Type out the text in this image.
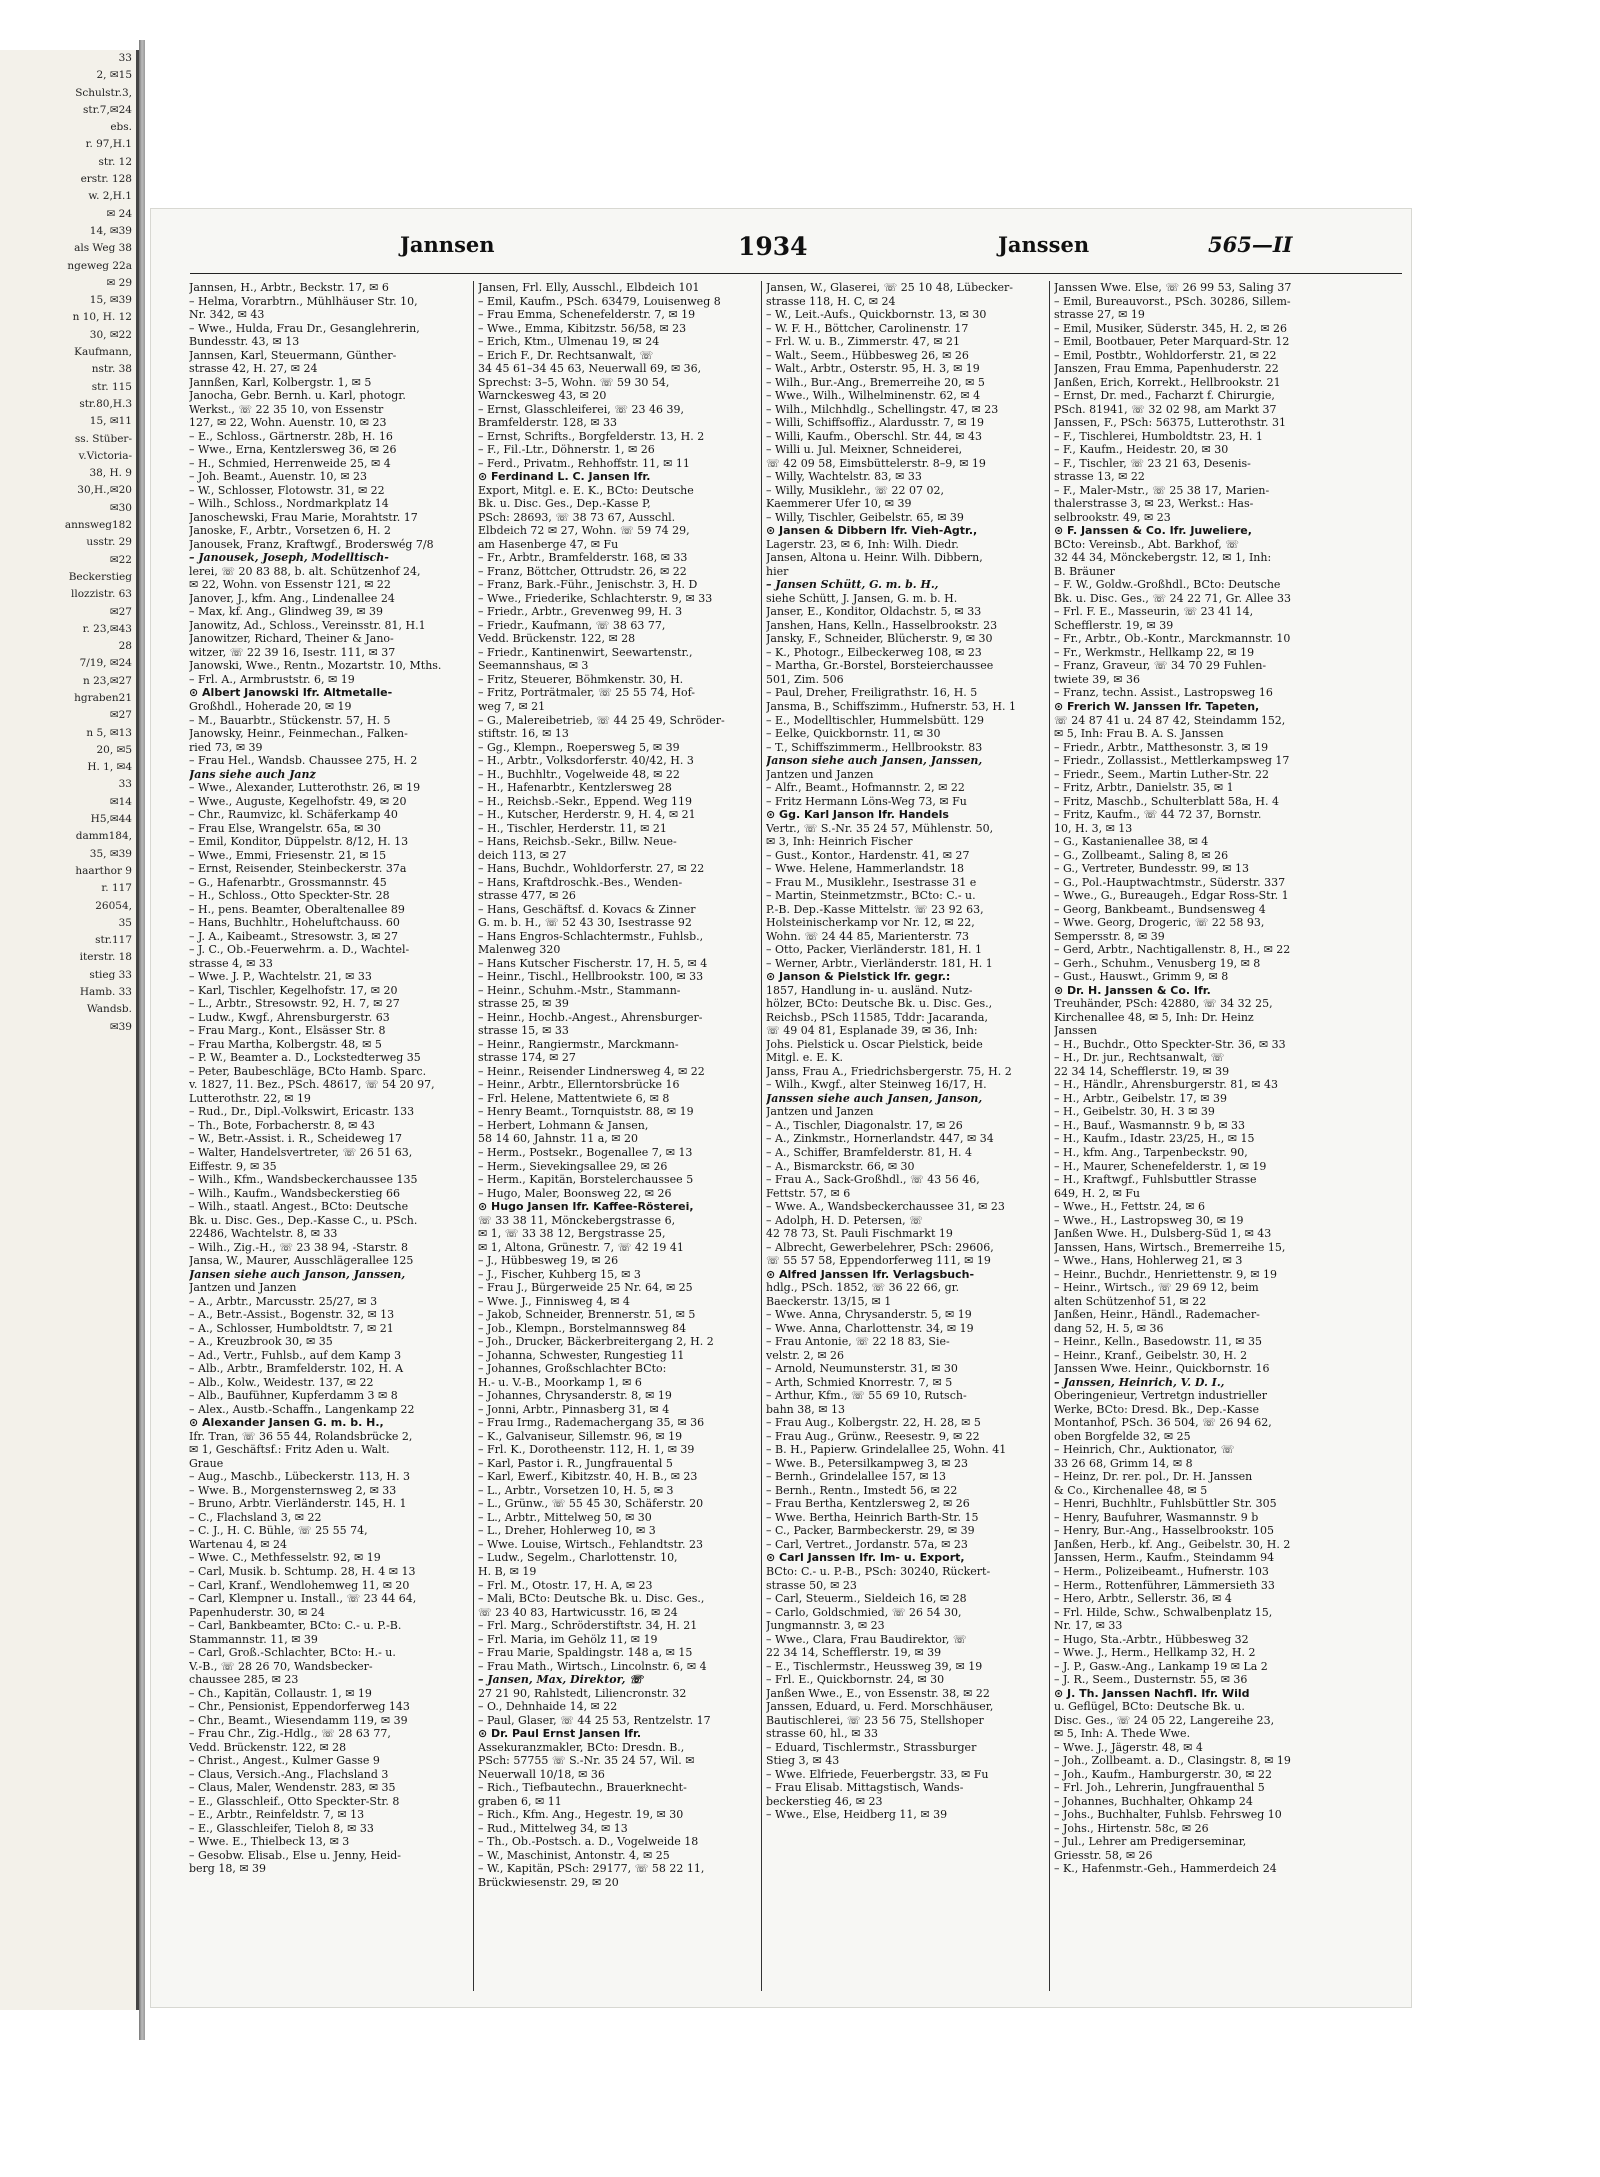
33
2, ✉15
Schulstr.3,
str.7,✉24
ebs.
r. 97,H.1
str. 12
erstr. 128
w. 2,H.1
✉ 24
14, ✉39
als Weg 38
ngeweg 22a
✉ 29
15, ✉39
n 10, H. 12
30, ✉22
Kaufmann,
nstr. 38
str. 115
str.80,H.3
15, ✉11
ss. Stüber-
v.Victoria-
38, H. 9
30,H.,✉20
✉30
annsweg182
usstr. 29
✉22
Beckerstieg
llozzistr. 63
✉27
r. 23,✉43
28
7/19, ✉24
n 23,✉27
hgraben21
✉27
n 5, ✉13
20, ✉5
H. 1, ✉4
33
✉14
H5,✉44
damm184,
35, ✉39
haarthor 9
r. 117
26054,
35
str.117
iterstr. 18
stieg 33
Hamb. 33
Wandsb.
✉39
Jannsen	1934	Janssen	565—II
Jannsen, H., Arbtr., Beckstr. 17, ✉ 6
– Helma, Vorarbtrn., Mühlhäuser Str. 10,
Nr. 342, ✉ 43
– Wwe., Hulda, Frau Dr., Gesanglehrerin,
Bundesstr. 43, ✉ 13
Jannsen, Karl, Steuermann, Günther-
strasse 42, H. 27, ✉ 24
Jannßen, Karl, Kolbergstr. 1, ✉ 5
Janocha, Gebr. Bernh. u. Karl, photogr.
Werkst., ☏ 22 35 10, von Essenstr
127, ✉ 22, Wohn. Auenstr. 10, ✉ 23
– E., Schloss., Gärtnerstr. 28b, H. 16
– Wwe., Erna, Kentzlersweg 36, ✉ 26
– H., Schmied, Herrenweide 25, ✉ 4
– Joh. Beamt., Auenstr. 10, ✉ 23
– W., Schlosser, Flotowstr. 31, ✉ 22
– Wilh., Schloss., Nordmarkplatz 14
Janoschewski, Frau Marie, Morahtstr. 17
Janoske, F., Arbtr., Vorsetzen 6, H. 2
Janousek, Franz, Kraftwgf., Broderswég 7/8
– Janousek, Joseph, Modelltisch-
lerei, ☏ 20 83 88, b. alt. Schützenhof 24,
✉ 22, Wohn. von Essenstr 121, ✉ 22
Janover, J., kfm. Ang., Lindenallee 24
– Max, kf. Ang., Glindweg 39, ✉ 39
Janowitz, Ad., Schloss., Vereinsstr. 81, H.1
Janowitzer, Richard, Theiner & Jano-
witzer, ☏ 22 39 16, Isestr. 111, ✉ 37
Janowski, Wwe., Rentn., Mozartstr. 10, Mths.
– Frl. A., Armbruststr. 6, ✉ 19
⊙ Albert Janowski Ifr. Altmetalle-
Großhdl., Hoherade 20, ✉ 19
– M., Bauarbtr., Stückenstr. 57, H. 5
Janowsky, Heinr., Feinmechan., Falken-
ried 73, ✉ 39
– Frau Hel., Wandsb. Chaussee 275, H. 2
Jans siehe auch Janz
– Wwe., Alexander, Lutterothstr. 26, ✉ 19
– Wwe., Auguste, Kegelhofstr. 49, ✉ 20
– Chr., Raumvizc, kl. Schäferkamp 40
– Frau Else, Wrangelstr. 65a, ✉ 30
– Emil, Konditor, Düppelstr. 8/12, H. 13
– Wwe., Emmi, Friesenstr. 21, ✉ 15
– Ernst, Reisender, Steinbeckerstr. 37a
– G., Hafenarbtr., Grossmannstr. 45
– H., Schloss., Otto Speckter-Str. 28
– H., pens. Beamter, Oberaltenallee 89
– Hans, Buchhltr., Hoheluftchauss. 60
– J. A., Kaibeamt., Stresowstr. 3, ✉ 27
– J. C., Ob.-Feuerwehrm. a. D., Wachtel-
strasse 4, ✉ 33
– Wwe. J. P., Wachtelstr. 21, ✉ 33
– Karl, Tischler, Kegelhofstr. 17, ✉ 20
– L., Arbtr., Stresowstr. 92, H. 7, ✉ 27
– Ludw., Kwgf., Ahrensburgerstr. 63
– Frau Marg., Kont., Elsässer Str. 8
– Frau Martha, Kolbergstr. 48, ✉ 5
– P. W., Beamter a. D., Lockstedterweg 35
– Peter, Baubeschläge, BCto Hamb. Sparc.
v. 1827, 11. Bez., PSch. 48617, ☏ 54 20 97,
Lutterothstr. 22, ✉ 19
– Rud., Dr., Dipl.-Volkswirt, Ericastr. 133
– Th., Bote, Forbacherstr. 8, ✉ 43
– W., Betr.-Assist. i. R., Scheideweg 17
– Walter, Handelsvertreter, ☏ 26 51 63,
Eiffestr. 9, ✉ 35
– Wilh., Kfm., Wandsbeckerchaussee 135
– Wilh., Kaufm., Wandsbeckerstieg 66
– Wilh., staatl. Angest., BCto: Deutsche
Bk. u. Disc. Ges., Dep.-Kasse C., u. PSch.
22486, Wachtelstr. 8, ✉ 33
– Wilh., Zig.-H., ☏ 23 38 94, -Starstr. 8
Jansa, W., Maurer, Ausschlägerallee 125
Jansen siehe auch Janson, Janssen,
Jantzen und Janzen
– A., Arbtr., Marcusstr. 25/27, ✉ 3
– A., Betr.-Assist., Bogenstr. 32, ✉ 13
– A., Schlosser, Humboldtstr. 7, ✉ 21
– A., Kreuzbrook 30, ✉ 35
– Ad., Vertr., Fuhlsb., auf dem Kamp 3
– Alb., Arbtr., Bramfelderstr. 102, H. A
– Alb., Kolw., Weidestr. 137, ✉ 22
– Alb., Baufühner, Kupferdamm 3 ✉ 8
– Alex., Austb.-Schaffn., Langenkamp 22
⊙ Alexander Jansen G. m. b. H.,
Ifr. Tran, ☏ 36 55 44, Rolandsbrücke 2,
✉ 1, Geschäftsf.: Fritz Aden u. Walt.
Graue
– Aug., Maschb., Lübeckerstr. 113, H. 3
– Wwe. B., Morgensternsweg 2, ✉ 33
– Bruno, Arbtr. Vierländerstr. 145, H. 1
– C., Flachsland 3, ✉ 22
– C. J., H. C. Bühle, ☏ 25 55 74,
Wartenau 4, ✉ 24
– Wwe. C., Methfesselstr. 92, ✉ 19
– Carl, Musik. b. Schtump. 28, H. 4 ✉ 13
– Carl, Kranf., Wendlohemweg 11, ✉ 20
– Carl, Klempner u. Install., ☏ 23 44 64,
Papenhuderstr. 30, ✉ 24
– Carl, Bankbeamter, BCto: C.- u. P.-B.
Stammannstr. 11, ✉ 39
– Carl, Groß.-Schlachter, BCto: H.- u.
V.-B., ☏ 28 26 70, Wandsbecker-
chaussee 285, ✉ 23
– Ch., Kapitän, Collaustr. 1, ✉ 19
– Chr., Pensionist, Eppendorferweg 143
– Chr., Beamt., Wiesendamm 119, ✉ 39
– Frau Chr., Zig.-Hdlg., ☏ 28 63 77,
Vedd. Brückenstr. 122, ✉ 28
– Christ., Angest., Kulmer Gasse 9
– Claus, Versich.-Ang., Flachsland 3
– Claus, Maler, Wendenstr. 283, ✉ 35
– E., Glasschleif., Otto Speckter-Str. 8
– E., Arbtr., Reinfeldstr. 7, ✉ 13
– E., Glasschleifer, Tieloh 8, ✉ 33
– Wwe. E., Thielbeck 13, ✉ 3
– Gesobw. Elisab., Else u. Jenny, Heid-
berg 18, ✉ 39
Jansen, Frl. Elly, Ausschl., Elbdeich 101
– Emil, Kaufm., PSch. 63479, Louisenweg 8
– Frau Emma, Schenefelderstr. 7, ✉ 19
– Wwe., Emma, Kibitzstr. 56/58, ✉ 23
– Erich, Ktm., Ulmenau 19, ✉ 24
– Erich F., Dr. Rechtsanwalt, ☏
34 45 61–34 45 63, Neuerwall 69, ✉ 36,
Sprechst: 3–5, Wohn. ☏ 59 30 54,
Warnckesweg 43, ✉ 20
– Ernst, Glasschleiferei, ☏ 23 46 39,
Bramfelderstr. 128, ✉ 33
– Ernst, Schrifts., Borgfelderstr. 13, H. 2
– F., Fil.-Ltr., Döhnerstr. 1, ✉ 26
– Ferd., Privatm., Rehhoffstr. 11, ✉ 11
⊙ Ferdinand L. C. Jansen Ifr.
Export, Mitgl. e. E. K., BCto: Deutsche
Bk. u. Disc. Ges., Dep.-Kasse P,
PSch: 28693, ☏ 38 73 67, Ausschl.
Elbdeich 72 ✉ 27, Wohn. ☏ 59 74 29,
am Hasenberge 47, ✉ Fu
– Fr., Arbtr., Bramfelderstr. 168, ✉ 33
– Franz, Böttcher, Ottrudstr. 26, ✉ 22
– Franz, Bark.-Führ., Jenischstr. 3, H. D
– Wwe., Friederike, Schlachterstr. 9, ✉ 33
– Friedr., Arbtr., Grevenweg 99, H. 3
– Friedr., Kaufmann, ☏ 38 63 77,
Vedd. Brückenstr. 122, ✉ 28
– Friedr., Kantinenwirt, Seewartenstr.,
Seemannshaus, ✉ 3
– Fritz, Steuerer, Böhmkenstr. 30, H.
– Fritz, Porträtmaler, ☏ 25 55 74, Hof-
weg 7, ✉ 21
– G., Malereibetrieb, ☏ 44 25 49, Schröder-
stiftstr. 16, ✉ 13
– Gg., Klempn., Roepersweg 5, ✉ 39
– H., Arbtr., Volksdorferstr. 40/42, H. 3
– H., Buchhltr., Vogelweide 48, ✉ 22
– H., Hafenarbtr., Kentzlersweg 28
– H., Reichsb.-Sekr., Eppend. Weg 119
– H., Kutscher, Herderstr. 9, H. 4, ✉ 21
– H., Tischler, Herderstr. 11, ✉ 21
– Hans, Reichsb.-Sekr., Billw. Neue-
deich 113, ✉ 27
– Hans, Buchdr., Wohldorferstr. 27, ✉ 22
– Hans, Kraftdroschk.-Bes., Wenden-
strasse 477, ✉ 26
– Hans, Geschäftsf. d. Kovacs & Zinner
G. m. b. H., ☏ 52 43 30, Isestrasse 92
– Hans Engros-Schlachtermstr., Fuhlsb.,
Malenweg 320
– Hans Kutscher Fischerstr. 17, H. 5, ✉ 4
– Heinr., Tischl., Hellbrookstr. 100, ✉ 33
– Heinr., Schuhm.-Mstr., Stammann-
strasse 25, ✉ 39
– Heinr., Hochb.-Angest., Ahrensburger-
strasse 15, ✉ 33
– Heinr., Rangiermstr., Marckmann-
strasse 174, ✉ 27
– Heinr., Reisender Lindnersweg 4, ✉ 22
– Heinr., Arbtr., Ellerntorsbrücke 16
– Frl. Helene, Mattentwiete 6, ✉ 8
– Henry Beamt., Tornquiststr. 88, ✉ 19
– Herbert, Lohmann & Jansen,
58 14 60, Jahnstr. 11 a, ✉ 20
– Herm., Postsekr., Bogenallee 7, ✉ 13
– Herm., Sievekingsallee 29, ✉ 26
– Herm., Kapitän, Borstelerchaussee 5
– Hugo, Maler, Boonsweg 22, ✉ 26
⊙ Hugo Jansen Ifr. Kaffee-Rösterei,
☏ 33 38 11, Mönckebergstrasse 6,
✉ 1, ☏ 33 38 12, Bergstrasse 25,
✉ 1, Altona, Grünestr. 7, ☏ 42 19 41
– J., Hübbesweg 19, ✉ 26
– J., Fischer, Kuhberg 15, ✉ 3
– Frau J., Bürgerweide 25 Nr. 64, ✉ 25
– Wwe. J., Finnisweg 4, ✉ 4
– Jakob, Schneider, Brennerstr. 51, ✉ 5
– Job., Klempn., Borstelmannsweg 84
– Joh., Drucker, Bäckerbreitergang 2, H. 2
– Johanna, Schwester, Rungestieg 11
– Johannes, Großschlachter BCto:
H.- u. V.-B., Moorkamp 1, ✉ 6
– Johannes, Chrysanderstr. 8, ✉ 19
– Jonni, Arbtr., Pinnasberg 31, ✉ 4
– Frau Irmg., Rademachergang 35, ✉ 36
– K., Galvaniseur, Sillemstr. 96, ✉ 19
– Frl. K., Dorotheenstr. 112, H. 1, ✉ 39
– Karl, Pastor i. R., Jungfrauental 5
– Karl, Ewerf., Kibitzstr. 40, H. B., ✉ 23
– L., Arbtr., Vorsetzen 10, H. 5, ✉ 3
– L., Grünw., ☏ 55 45 30, Schäferstr. 20
– L., Arbtr., Mittelweg 50, ✉ 30
– L., Dreher, Hohlerweg 10, ✉ 3
– Wwe. Louise, Wirtsch., Fehlandtstr. 23
– Ludw., Segelm., Charlottenstr. 10,
H. B, ✉ 19
– Frl. M., Otostr. 17, H. A, ✉ 23
– Mali, BCto: Deutsche Bk. u. Disc. Ges.,
☏ 23 40 83, Hartwicusstr. 16, ✉ 24
– Frl. Marg., Schröderstiftstr. 34, H. 21
– Frl. Maria, im Gehölz 11, ✉ 19
– Frau Marie, Spaldingstr. 148 a, ✉ 15
– Frau Math., Wirtsch., Lincolnstr. 6, ✉ 4
– Jansen, Max, Direktor, ☏
27 21 90, Rahlstedt, Liliencronstr. 32
– O., Dehnhaide 14, ✉ 22
– Paul, Glaser, ☏ 44 25 53, Rentzelstr. 17
⊙ Dr. Paul Ernst Jansen Ifr.
Assekuranzmakler, BCto: Dresdn. B.,
PSch: 57755 ☏ S.-Nr. 35 24 57, Wil. ✉
Neuerwall 10/18, ✉ 36
– Rich., Tiefbautechn., Brauerknecht-
graben 6, ✉ 11
– Rich., Kfm. Ang., Hegestr. 19, ✉ 30
– Rud., Mittelweg 34, ✉ 13
– Th., Ob.-Postsch. a. D., Vogelweide 18
– W., Maschinist, Antonstr. 4, ✉ 25
– W., Kapitän, PSch: 29177, ☏ 58 22 11,
Brückwiesenstr. 29, ✉ 20
Jansen, W., Glaserei, ☏ 25 10 48, Lübecker-
strasse 118, H. C, ✉ 24
– W., Leit.-Aufs., Quickbornstr. 13, ✉ 30
– W. F. H., Böttcher, Carolinenstr. 17
– Frl. W. u. B., Zimmerstr. 47, ✉ 21
– Walt., Seem., Hübbesweg 26, ✉ 26
– Walt., Arbtr., Osterstr. 95, H. 3, ✉ 19
– Wilh., Bur.-Ang., Bremerreihe 20, ✉ 5
– Wwe., Wilh., Wilhelminenstr. 62, ✉ 4
– Wilh., Milchhdlg., Schellingstr. 47, ✉ 23
– Willi, Schiffsoffiz., Alardusstr. 7, ✉ 19
– Willi, Kaufm., Oberschl. Str. 44, ✉ 43
– Willi u. Jul. Meixner, Schneiderei,
☏ 42 09 58, Eimsbüttelerstr. 8–9, ✉ 19
– Willy, Wachtelstr. 83, ✉ 33
– Willy, Musiklehr., ☏ 22 07 02,
Kaemmerer Ufer 10, ✉ 39
– Willy, Tischler, Geibelstr. 65, ✉ 39
⊙ Jansen & Dibbern Ifr. Vieh-Agtr.,
Lagerstr. 23, ✉ 6, Inh: Wilh. Diedr.
Jansen, Altona u. Heinr. Wilh. Dibbern,
hier
– Jansen Schütt, G. m. b. H.,
siehe Schütt, J. Jansen, G. m. b. H.
Janser, E., Konditor, Oldachstr. 5, ✉ 33
Janshen, Hans, Kelln., Hasselbrookstr. 23
Jansky, F., Schneider, Blücherstr. 9, ✉ 30
– K., Photogr., Eilbeckerweg 108, ✉ 23
– Martha, Gr.-Borstel, Borsteierchaussee
501, Zim. 506
– Paul, Dreher, Freiligrathstr. 16, H. 5
Jansma, B., Schiffszimm., Hufnerstr. 53, H. 1
– E., Modelltischler, Hummelsbütt. 129
– Eelke, Quickbornstr. 11, ✉ 30
– T., Schiffszimmerm., Hellbrookstr. 83
Janson siehe auch Jansen, Janssen,
Jantzen und Janzen
– Alfr., Beamt., Hofmannstr. 2, ✉ 22
– Fritz Hermann Löns-Weg 73, ✉ Fu
⊙ Gg. Karl Janson Ifr. Handels
Vertr., ☏ S.-Nr. 35 24 57, Mühlenstr. 50,
✉ 3, Inh: Heinrich Fischer
– Gust., Kontor., Hardenstr. 41, ✉ 27
– Wwe. Helene, Hammerlandstr. 18
– Frau M., Musiklehr., Isestrasse 31 e
– Martin, Steinmetzmstr., BCto: C.- u.
P.-B. Dep.-Kasse Mittelstr. ☏ 23 92 63,
Holsteinischerkamp vor Nr. 12, ✉ 22,
Wohn. ☏ 24 44 85, Marienterstr. 73
– Otto, Packer, Vierländerstr. 181, H. 1
– Werner, Arbtr., Vierländerstr. 181, H. 1
⊙ Janson & Pielstick Ifr. gegr.:
1857, Handlung in- u. ausländ. Nutz-
hölzer, BCto: Deutsche Bk. u. Disc. Ges.,
Reichsb., PSch 11585, Tddr: Jacaranda,
☏ 49 04 81, Esplanade 39, ✉ 36, Inh:
Johs. Pielstick u. Oscar Pielstick, beide
Mitgl. e. E. K.
Janss, Frau A., Friedrichsbergerstr. 75, H. 2
– Wilh., Kwgf., alter Steinweg 16/17, H.
Janssen siehe auch Jansen, Janson,
Jantzen und Janzen
– A., Tischler, Diagonalstr. 17, ✉ 26
– A., Zinkmstr., Hornerlandstr. 447, ✉ 34
– A., Schiffer, Bramfelderstr. 81, H. 4
– A., Bismarckstr. 66, ✉ 30
– Frau A., Sack-Großhdl., ☏ 43 56 46,
Fettstr. 57, ✉ 6
– Wwe. A., Wandsbeckerchaussee 31, ✉ 23
– Adolph, H. D. Petersen, ☏
42 78 73, St. Pauli Fischmarkt 19
– Albrecht, Gewerbelehrer, PSch: 29606,
☏ 55 57 58, Eppendorferweg 111, ✉ 19
⊙ Alfred Janssen Ifr. Verlagsbuch-
hdlg., PSch. 1852, ☏ 36 22 66, gr.
Baeckerstr. 13/15, ✉ 1
– Wwe. Anna, Chrysanderstr. 5, ✉ 19
– Wwe. Anna, Charlottenstr. 34, ✉ 19
– Frau Antonie, ☏ 22 18 83, Sie-
velstr. 2, ✉ 26
– Arnold, Neumunsterstr. 31, ✉ 30
– Arth, Schmied Knorrestr. 7, ✉ 5
– Arthur, Kfm., ☏ 55 69 10, Rutsch-
bahn 38, ✉ 13
– Frau Aug., Kolbergstr. 22, H. 28, ✉ 5
– Frau Aug., Grünw., Reesestr. 9, ✉ 22
– B. H., Papierw. Grindelallee 25, Wohn. 41
– Wwe. B., Petersilkampweg 3, ✉ 23
– Bernh., Grindelallee 157, ✉ 13
– Bernh., Rentn., Imstedt 56, ✉ 22
– Frau Bertha, Kentzlersweg 2, ✉ 26
– Wwe. Bertha, Heinrich Barth-Str. 15
– C., Packer, Barmbeckerstr. 29, ✉ 39
– Carl, Vertret., Jordanstr. 57a, ✉ 23
⊙ Carl Janssen Ifr. Im- u. Export,
BCto: C.- u. P.-B., PSch: 30240, Rückert-
strasse 50, ✉ 23
– Carl, Steuerm., Sieldeich 16, ✉ 28
– Carlo, Goldschmied, ☏ 26 54 30,
Jungmannstr. 3, ✉ 23
– Wwe., Clara, Frau Baudirektor, ☏
22 34 14, Schefflerstr. 19, ✉ 39
– E., Tischlermstr., Heussweg 39, ✉ 19
– Frl. E., Quickbornstr. 24, ✉ 30
Janßen Wwe., E., von Essenstr. 38, ✉ 22
Janssen, Eduard, u. Ferd. Morschhäuser,
Bautischlerei, ☏ 23 56 75, Stellshoper
strasse 60, hl., ✉ 33
– Eduard, Tischlermstr., Strassburger
Stieg 3, ✉ 43
– Wwe. Elfriede, Feuerbergstr. 33, ✉ Fu
– Frau Elisab. Mittagstisch, Wands-
beckerstieg 46, ✉ 23
– Wwe., Else, Heidberg 11, ✉ 39
Janssen Wwe. Else, ☏ 26 99 53, Saling 37
– Emil, Bureauvorst., PSch. 30286, Sillem-
strasse 27, ✉ 19
– Emil, Musiker, Süderstr. 345, H. 2, ✉ 26
– Emil, Bootbauer, Peter Marquard-Str. 12
– Emil, Postbtr., Wohldorferstr. 21, ✉ 22
Janszen, Frau Emma, Papenhuderstr. 22
Janßen, Erich, Korrekt., Hellbrookstr. 21
– Ernst, Dr. med., Facharzt f. Chirurgie,
PSch. 81941, ☏ 32 02 98, am Markt 37
Janssen, F., PSch: 56375, Lutterothstr. 31
– F., Tischlerei, Humboldtstr. 23, H. 1
– F., Kaufm., Heidestr. 20, ✉ 30
– F., Tischler, ☏ 23 21 63, Desenis-
strasse 13, ✉ 22
– F., Maler-Mstr., ☏ 25 38 17, Marien-
thalerstrasse 3, ✉ 23, Werkst.: Has-
selbrookstr. 49, ✉ 23
⊙ F. Janssen & Co. Ifr. Juweliere,
BCto: Vereinsb., Abt. Barkhof, ☏
32 44 34, Mönckebergstr. 12, ✉ 1, Inh:
B. Bräuner
– F. W., Goldw.-Großhdl., BCto: Deutsche
Bk. u. Disc. Ges., ☏ 24 22 71, Gr. Allee 33
– Frl. F. E., Masseurin, ☏ 23 41 14,
Schefflerstr. 19, ✉ 39
– Fr., Arbtr., Ob.-Kontr., Marckmannstr. 10
– Fr., Werkmstr., Hellkamp 22, ✉ 19
– Franz, Graveur, ☏ 34 70 29 Fuhlen-
twiete 39, ✉ 36
– Franz, techn. Assist., Lastropsweg 16
⊙ Frerich W. Janssen Ifr. Tapeten,
☏ 24 87 41 u. 24 87 42, Steindamm 152,
✉ 5, Inh: Frau B. A. S. Janssen
– Friedr., Arbtr., Matthesonstr. 3, ✉ 19
– Friedr., Zollassist., Mettlerkampsweg 17
– Friedr., Seem., Martin Luther-Str. 22
– Fritz, Arbtr., Danielstr. 35, ✉ 1
– Fritz, Maschb., Schulterblatt 58a, H. 4
– Fritz, Kaufm., ☏ 44 72 37, Bornstr.
10, H. 3, ✉ 13
– G., Kastanienallee 38, ✉ 4
– G., Zollbeamt., Saling 8, ✉ 26
– G., Vertreter, Bundesstr. 99, ✉ 13
– G., Pol.-Hauptwachtmstr., Süderstr. 337
– Wwe., G., Bureaugeh., Edgar Ross-Str. 1
– Georg, Bankbeamt., Bundsensweg 4
– Wwe. Georg, Drogeric, ☏ 22 58 93,
Sempersstr. 8, ✉ 39
– Gerd, Arbtr., Nachtigallenstr. 8, H., ✉ 22
– Gerh., Schuhm., Venusberg 19, ✉ 8
– Gust., Hauswt., Grimm 9, ✉ 8
⊙ Dr. H. Janssen & Co. Ifr.
Treuhänder, PSch: 42880, ☏ 34 32 25,
Kirchenallee 48, ✉ 5, Inh: Dr. Heinz
Janssen
– H., Buchdr., Otto Speckter-Str. 36, ✉ 33
– H., Dr. jur., Rechtsanwalt, ☏
22 34 14, Schefflerstr. 19, ✉ 39
– H., Händlr., Ahrensburgerstr. 81, ✉ 43
– H., Arbtr., Geibelstr. 17, ✉ 39
– H., Geibelstr. 30, H. 3 ✉ 39
– H., Bauf., Wasmannstr. 9 b, ✉ 33
– H., Kaufm., Idastr. 23/25, H., ✉ 15
– H., kfm. Ang., Tarpenbeckstr. 90,
– H., Maurer, Schenefelderstr. 1, ✉ 19
– H., Kraftwgf., Fuhlsbuttler Strasse
649, H. 2, ✉ Fu
– Wwe., H., Fettstr. 24, ✉ 6
– Wwe., H., Lastropsweg 30, ✉ 19
Janßen Wwe. H., Dulsberg-Süd 1, ✉ 43
Janssen, Hans, Wirtsch., Bremerreihe 15,
– Wwe., Hans, Hohlerweg 21, ✉ 3
– Heinr., Buchdr., Henriettenstr. 9, ✉ 19
– Heinr., Wirtsch., ☏ 29 69 12, beim
alten Schützenhof 51, ✉ 22
Janßen, Heinr., Händl., Rademacher-
dang 52, H. 5, ✉ 36
– Heinr., Kelln., Basedowstr. 11, ✉ 35
– Heinr., Kranf., Geibelstr. 30, H. 2
Janssen Wwe. Heinr., Quickbornstr. 16
– Janssen, Heinrich, V. D. I.,
Oberingenieur, Vertretgn industrieller
Werke, BCto: Dresd. Bk., Dep.-Kasse
Montanhof, PSch. 36 504, ☏ 26 94 62,
oben Borgfelde 32, ✉ 25
– Heinrich, Chr., Auktionator, ☏
33 26 68, Grimm 14, ✉ 8
– Heinz, Dr. rer. pol., Dr. H. Janssen
& Co., Kirchenallee 48, ✉ 5
– Henri, Buchhltr., Fuhlsbüttler Str. 305
– Henry, Baufuhrer, Wasmannstr. 9 b
– Henry, Bur.-Ang., Hasselbrookstr. 105
Janßen, Herb., kf. Ang., Geibelstr. 30, H. 2
Janssen, Herm., Kaufm., Steindamm 94
– Herm., Polizeibeamt., Hufnerstr. 103
– Herm., Rottenführer, Lämmersieth 33
– Hero, Arbtr., Sellerstr. 36, ✉ 4
– Frl. Hilde, Schw., Schwalbenplatz 15,
Nr. 17, ✉ 33
– Hugo, Sta.-Arbtr., Hübbesweg 32
– Wwe. J., Herm., Hellkamp 32, H. 2
– J. P., Gasw.-Ang., Lankamp 19 ✉ La 2
– J. R., Seem., Dusternstr. 55, ✉ 36
⊙ J. Th. Janssen Nachfl. Ifr. Wild
u. Geflügel, BCto: Deutsche Bk. u.
Disc. Ges., ☏ 24 05 22, Langereihe 23,
✉ 5, Inh: A. Thede Wwe.
– Wwe. J., Jägerstr. 48, ✉ 4
– Joh., Zollbeamt. a. D., Clasingstr. 8, ✉ 19
– Joh., Kaufm., Hamburgerstr. 30, ✉ 22
– Frl. Joh., Lehrerin, Jungfrauenthal 5
– Johannes, Buchhalter, Ohkamp 24
– Johs., Buchhalter, Fuhlsb. Fehrsweg 10
– Johs., Hirtenstr. 58c, ✉ 26
– Jul., Lehrer am Predigerseminar,
Griesstr. 58, ✉ 26
– K., Hafenmstr.-Geh., Hammerdeich 24
